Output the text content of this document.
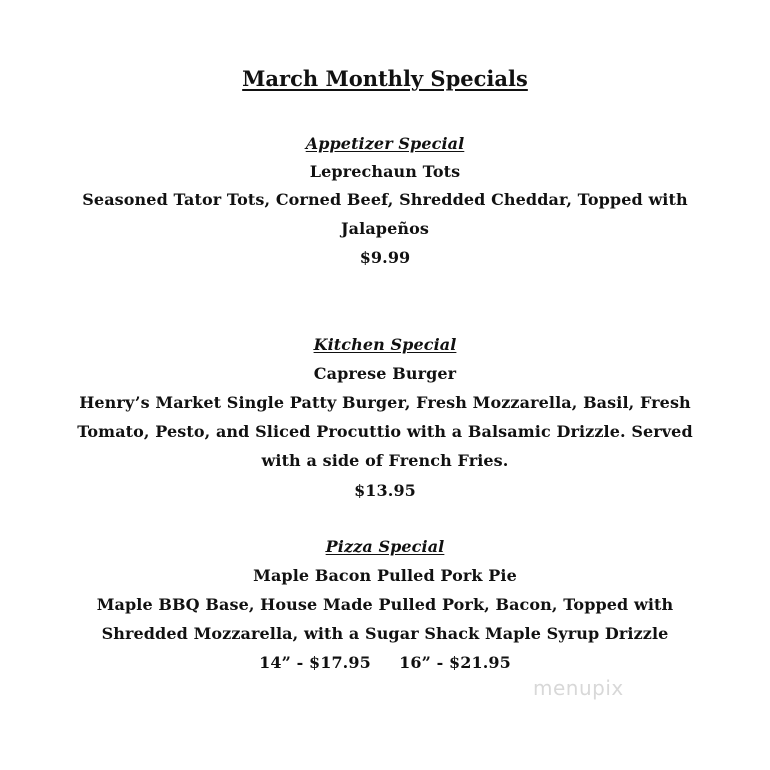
March Monthly Specials
Appetizer Special
Leprechaun Tots
Seasoned Tator Tots, Corned Beef, Shredded Cheddar, Topped with
Jalapeños
$9.99
Kitchen Special
Caprese Burger
Henry’s Market Single Patty Burger, Fresh Mozzarella, Basil, Fresh
Tomato, Pesto, and Sliced Procuttio with a Balsamic Drizzle. Served
with a side of French Fries.
$13.95
Pizza Special
Maple Bacon Pulled Pork Pie
Maple BBQ Base, House Made Pulled Pork, Bacon, Topped with
Shredded Mozzarella, with a Sugar Shack Maple Syrup Drizzle
14” - $17.95     16” - $21.95
menupix
